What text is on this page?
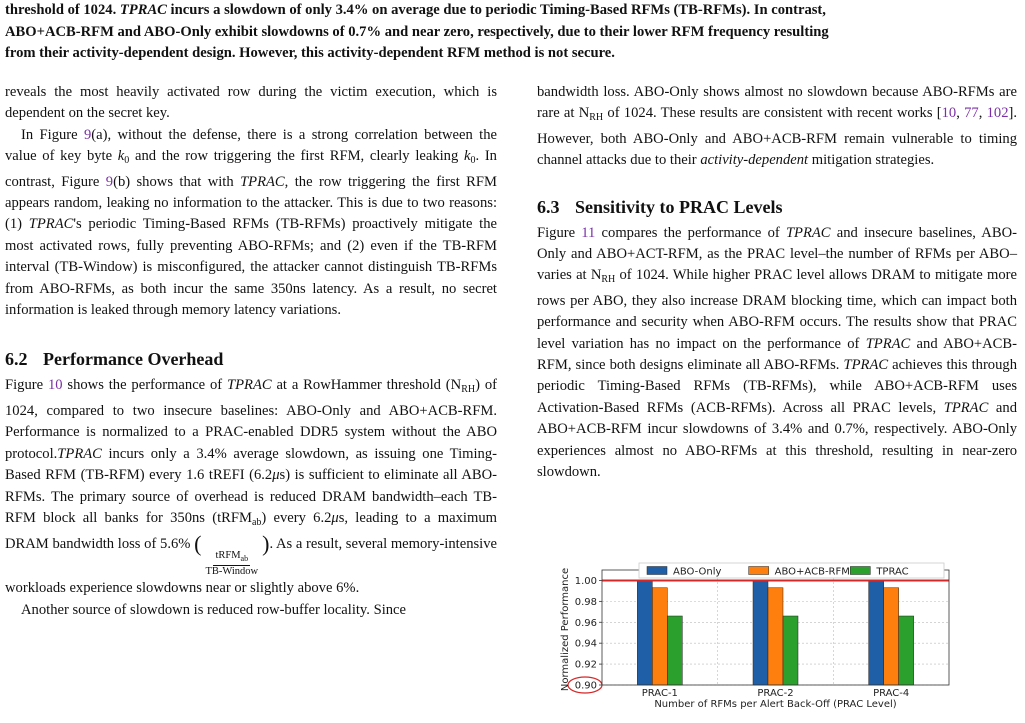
threshold of 1024. TPRAC incurs a slowdown of only 3.4% on average due to periodic Timing-Based RFMs (TB-RFMs). In contrast,
ABO+ACB-RFM and ABO-Only exhibit slowdowns of 0.7% and near zero, respectively, due to their lower RFM frequency resulting
from their activity-dependent design. However, this activity-dependent RFM method is not secure.

reveals the most heavily activated row during the victim execution, which is dependent on the secret key.

In Figure 9(a), without the defense, there is a strong correlation between the value of key byte $k_0$ and the row triggering the first RFM, clearly leaking $k_0$. In contrast, Figure 9(b) shows that with TPRAC, the row triggering the first RFM appears random, leaking no information to the attacker. This is due to two reasons: (1) TPRAC's periodic Timing-Based RFMs (TB-RFMs) proactively mitigate the most activated rows, fully preventing ABO-RFMs; and (2) even if the TB-RFM interval (TB-Window) is misconfigured, the attacker cannot distinguish TB-RFMs from ABO-RFMs, as both incur the same 350ns latency. As a result, no secret information is leaked through memory latency variations.

6.2 Performance Overhead

Figure 10 shows the performance of TPRAC at a RowHammer threshold $(N_{RH})$ of 1024, compared to two insecure baselines: ABO-Only and ABO+ACB-RFM. Performance is normalized to a PRAC-enabled DDR5 system without the ABO protocol.TPRAC incurs only a 3.4% average slowdown, as issuing one Timing-Based RFM (TB-RFM) every 1.6 tREFI (6.2μs) is sufficient to eliminate all ABO-RFMs. The primary source of overhead is reduced DRAM bandwidth–each TB-RFM block all banks for 350ns (tRFM$_{ab}$) every 6.2μs, leading to a maximum DRAM bandwidth loss of 5.6% (
$\frac{tRFM_{ab}}{\text{TB-Window}}$
). As a result, several memory-intensive workloads experience slowdowns near or slightly above 6%.

Another source of slowdown is reduced row-buffer locality. Since

bandwidth loss. ABO-Only shows almost no slowdown because ABO-RFMs are rare at $N_{RH}$ of 1024. These results are consistent with recent works [10, 77, 102]. However, both ABO-Only and ABO+ACB-RFM remain vulnerable to timing channel attacks due to their activity-dependent mitigation strategies.

6.3 Sensitivity to PRAC Levels

Figure 11 compares the performance of TPRAC and insecure baselines, ABO-Only and ABO+ACT-RFM, as the PRAC level–the number of RFMs per ABO–varies at $N_{RH}$ of 1024. While higher PRAC level allows DRAM to mitigate more rows per ABO, they also increase DRAM blocking time, which can impact both performance and security when ABO-RFM occurs. The results show that PRAC level variation has no impact on the performance of TPRAC and ABO+ACB-RFM, since both designs eliminate all ABO-RFMs. TPRAC achieves this through periodic Timing-Based RFMs (TB-RFMs), while ABO+ACB-RFM uses Activation-Based RFMs (ACB-RFMs). Across all PRAC levels, TPRAC and ABO+ACB-RFM incur slowdowns of 3.4% and 0.7%, respectively. ABO-Only experiences almost no ABO-RFMs at this threshold, resulting in near-zero slowdown.

0.90
0.92
0.94
0.96
0.98
1.00
PRAC-1	PRAC-2	PRAC-4
Number of RFMs per Alert Back-Off (PRAC Level)
Normalized Performance	ABO-Only	ABO+ACB-RFM	TPRAC
